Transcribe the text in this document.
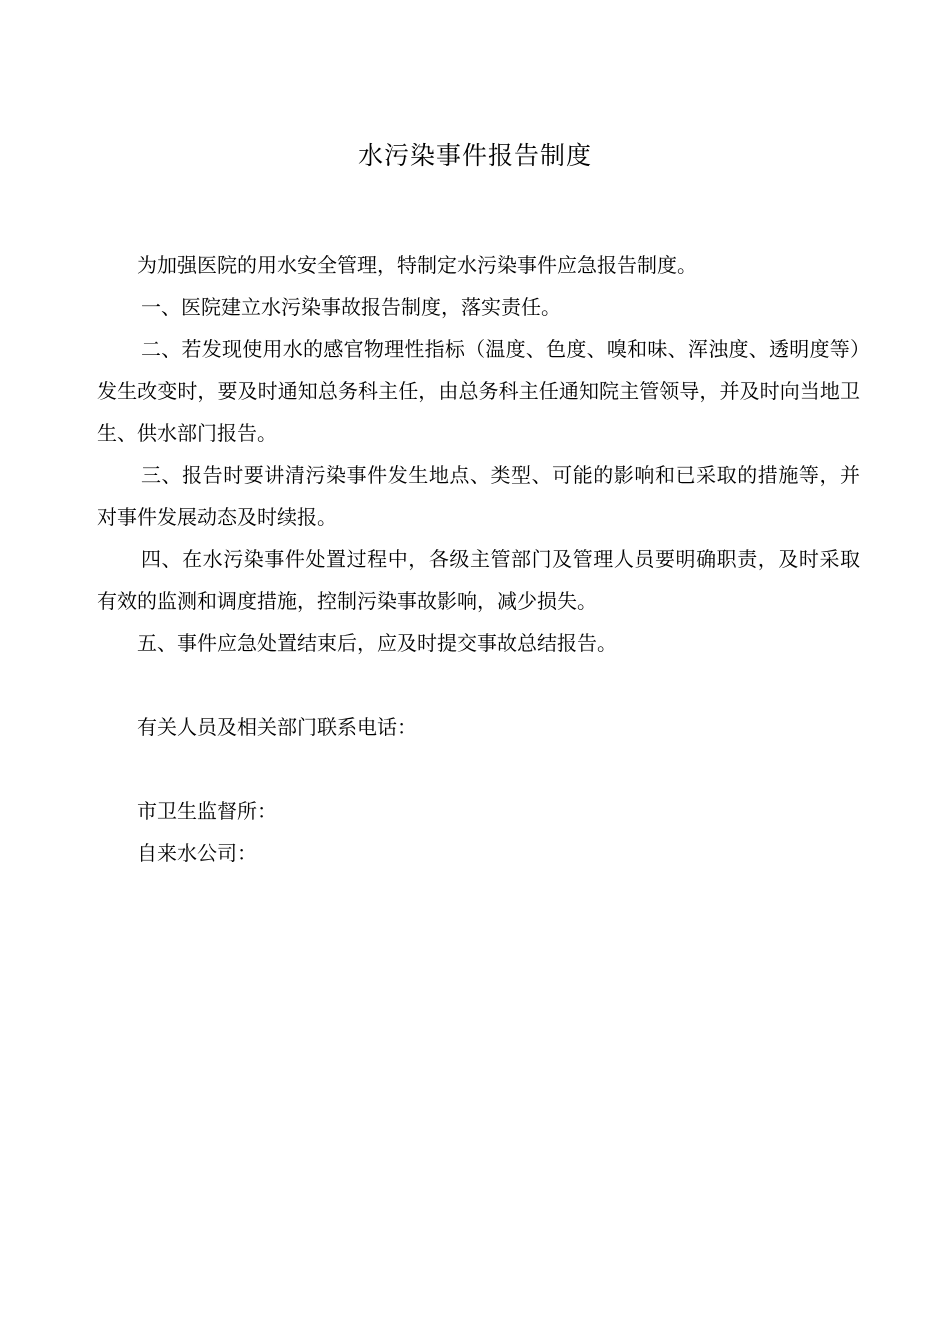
水污染事件报告制度

为加强医院的用水安全管理，特制定水污染事件应急报告制度。

一、医院建立水污染事故报告制度，落实责任。

二、若发现使用水的感官物理性指标（温度、色度、嗅和味、浑浊度、透明度等）发生改变时，要及时通知总务科主任，由总务科主任通知院主管领导，并及时向当地卫生、供水部门报告。

三、报告时要讲清污染事件发生地点、类型、可能的影响和已采取的措施等，并对事件发展动态及时续报。

四、在水污染事件处置过程中，各级主管部门及管理人员要明确职责，及时采取有效的监测和调度措施，控制污染事故影响，减少损失。

五、事件应急处置结束后，应及时提交事故总结报告。

有关人员及相关部门联系电话：

市卫生监督所：

自来水公司：
